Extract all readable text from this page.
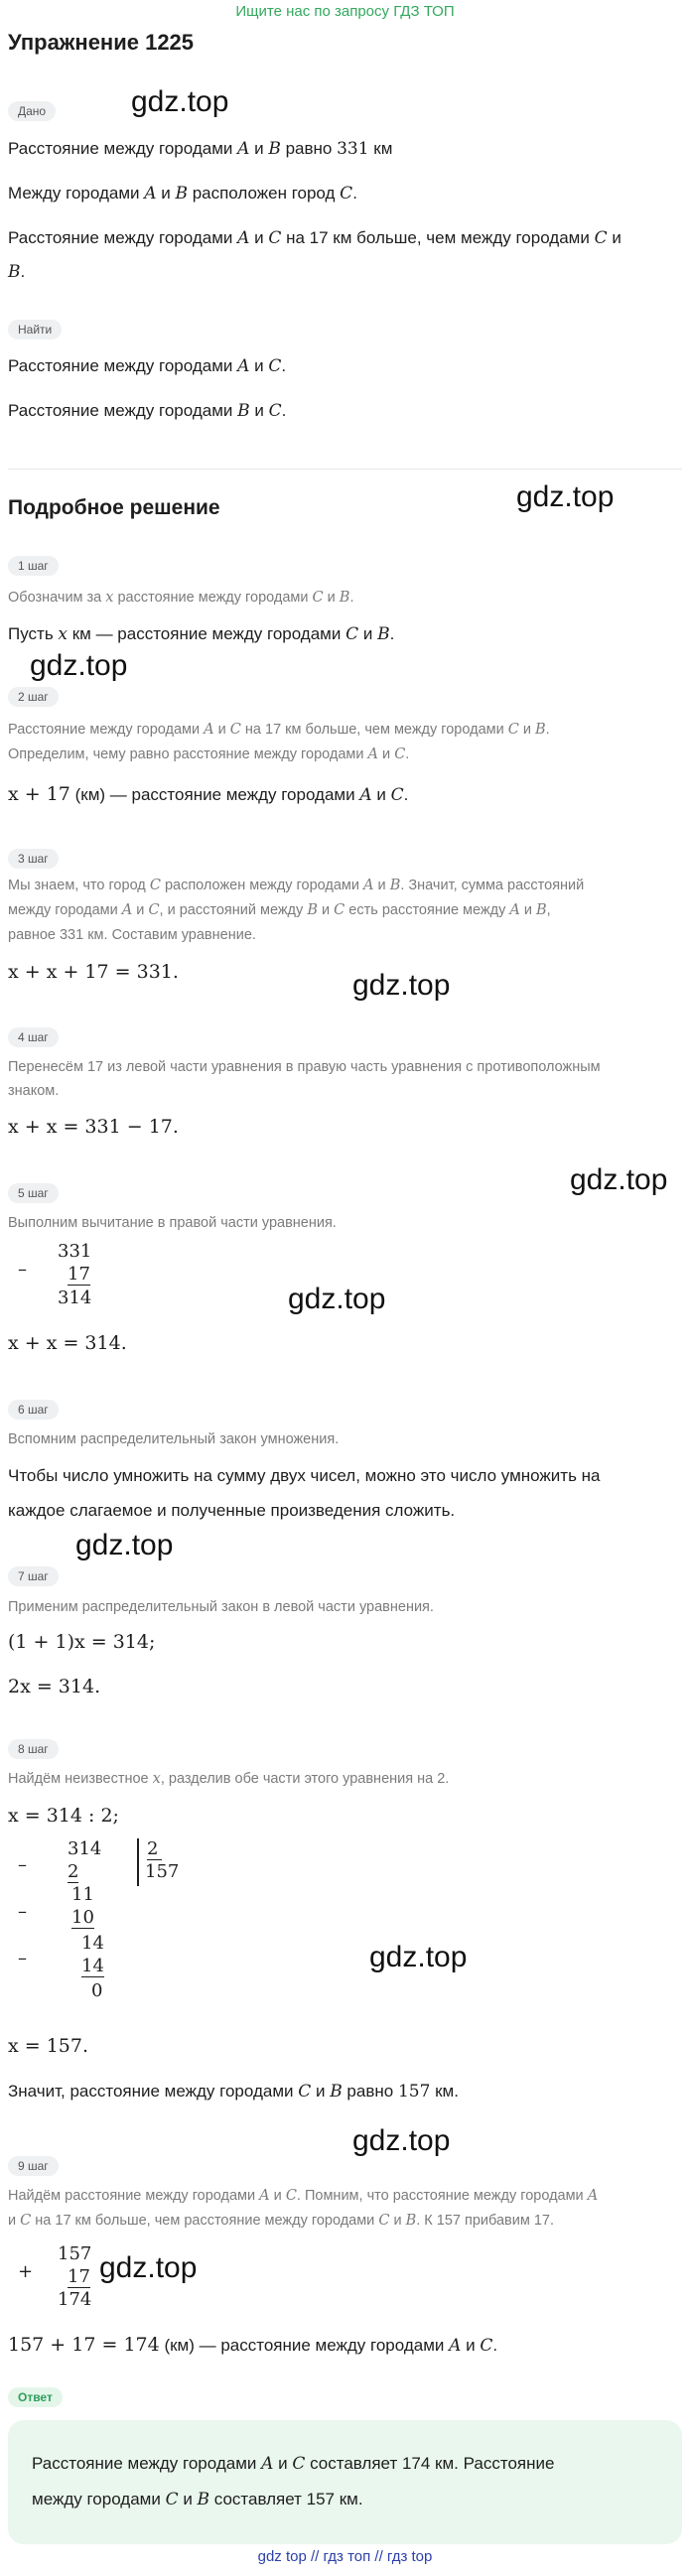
Ищите нас по запросу ГДЗ ТОП
Упражнение 1225
Дано	gdz.top
Расстояние между городами A и B равно 331 км
Между городами A и B расположен город C.
Расстояние между городами A и C на 17 км больше, чем между городами C и
B.
Найти
Расстояние между городами A и C.
Расстояние между городами B и C.
Подробное решение	gdz.top
1 шаг
Обозначим за x расстояние между городами C и B.
Пусть x км — расстояние между городами C и B.
gdz.top
2 шаг
Расстояние между городами A и C на 17 км больше, чем между городами C и B.
Определим, чему равно расстояние между городами A и C.
x + 17 (км) — расстояние между городами A и C.
3 шаг
Мы знаем, что город C расположен между городами A и B. Значит, сумма расстояний
между городами A и C, и расстояний между B и C есть расстояние между A и B,
равное 331 км. Составим уравнение.
x + x + 17 = 331.	gdz.top
4 шаг
Перенесём 17 из левой части уравнения в правую часть уравнения с противоположным
знаком.
x + x = 331 − 17.
gdz.top
5 шаг
Выполним вычитание в правой части уравнения.
–
331
17
314	gdz.top
x + x = 314.
6 шаг
Вспомним распределительный закон умножения.
Чтобы число умножить на сумму двух чисел, можно это число умножить на
каждое слагаемое и полученные произведения сложить.
gdz.top
7 шаг
Применим распределительный закон в левой части уравнения.
(1 + 1)x = 314;
2x = 314.
8 шаг
Найдём неизвестное x, разделив обе части этого уравнения на 2.
x = 314 : 2;
–
314
2
11
–	10
14
–	14
0
2
157
gdz.top
x = 157.
Значит, расстояние между городами C и B равно 157 км.
gdz.top
9 шаг
Найдём расстояние между городами A и C. Помним, что расстояние между городами A
и C на 17 км больше, чем расстояние между городами C и B. К 157 прибавим 17.
+
157
17
174
gdz.top
157 + 17 = 174 (км) — расстояние между городами A и C.
Ответ
Расстояние между городами A и C составляет 174 км. Расстояние
между городами C и B составляет 157 км.
gdz top // гдз топ // гдз top
